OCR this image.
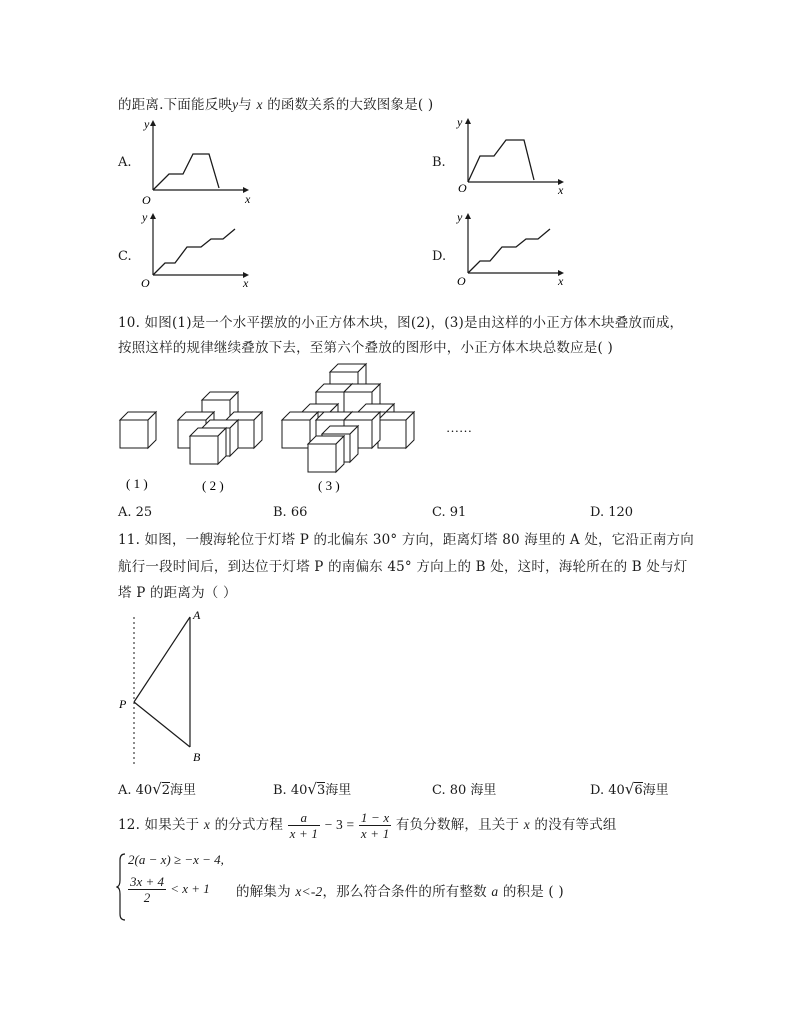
的距离.下面能反映y与 x 的函数关系的大致图象是( )
A.
y
x
O
B.
y
x
O
C.
y
x
O
D.
y
x
O
10. 如图(1)是一个水平摆放的小正方体木块，图(2)，(3)是由这样的小正方体木块叠放而成，
按照这样的规律继续叠放下去，至第六个叠放的图形中，小正方体木块总数应是( )
( 1 )	( 2 )	( 3 )
……
A. 25	B. 66	C. 91	D. 120
11. 如图，一艘海轮位于灯塔 P 的北偏东 30° 方向，距离灯塔 80 海里的 A 处，它沿正南方向
航行一段时间后，到达位于灯塔 P 的南偏东 45° 方向上的 B 处，这时，海轮所在的 B 处与灯
塔 P 的距离为（ ）
A
P
B
A. 40√2海里	B. 40√3海里	C. 80 海里	D. 40√6海里
12. 如果关于 x 的分式方程 $\frac{a}{x + 1} - 3 = \frac{1 - x}{x + 1}$ 有负分数解，且关于 x 的没有等式组
2(a − x) ≥ −x − 4,
$\frac{3x + 4}{2} < x + 1$ 的解集为 x<-2，那么符合条件的所有整数 a 的积是 ( )
